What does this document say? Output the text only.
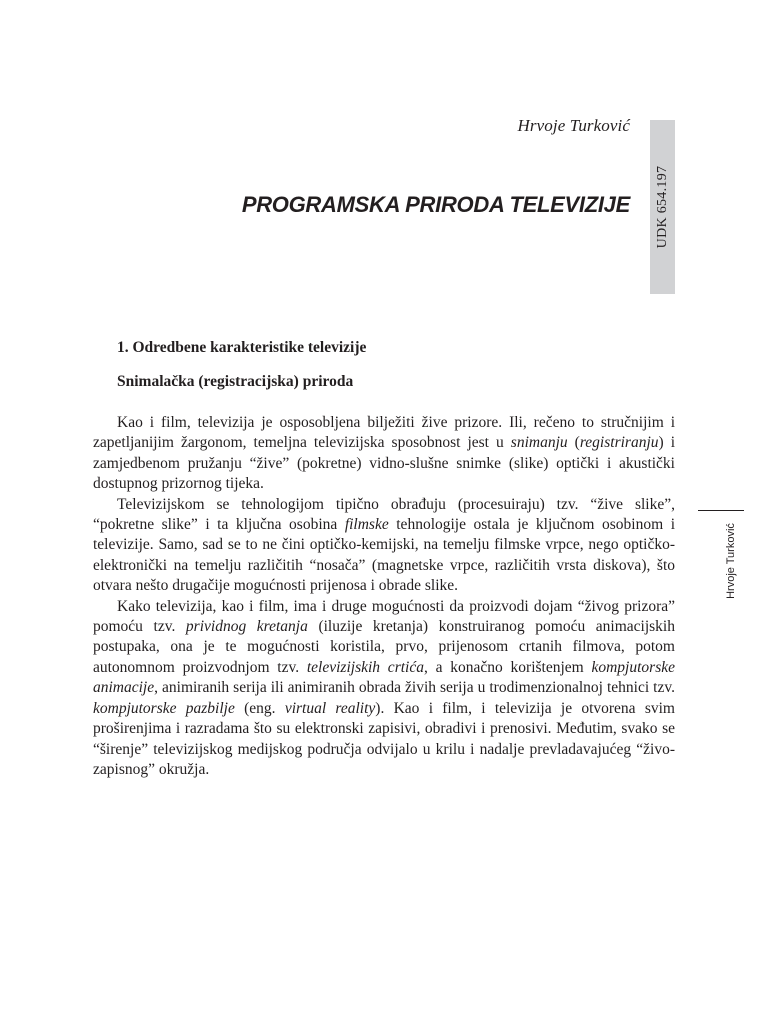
Hrvoje Turković
PROGRAMSKA PRIRODA TELEVIZIJE UDK 654.197
Hrvoje Turković
1. Odredbene karakteristike televizije
Snimalačka (registracijska) priroda

Kao i film, televizija je osposobljena bilježiti žive prizore. Ili, rečeno to stručnijim i zapetljanijim žargonom, temeljna televizijska sposobnost jest u snimanju (registriranju) i zamjedbenom pružanju “žive” (pokretne) vidno-slušne snimke (slike) optički i akustički dostupnog prizornog tijeka.

Televizijskom se tehnologijom tipično obrađuju (procesuiraju) tzv. “žive slike”, “pokretne slike” i ta ključna osobina filmske tehnologije ostala je ključnom osobinom i televizije. Samo, sad se to ne čini optičko-kemijski, na temelju filmske vrpce, nego optičko-elektronički na temelju različitih “nosača” (magnetske vrpce, različitih vrsta diskova), što otvara nešto drugačije mogućnosti prijenosa i obrade slike.

Kako televizija, kao i film, ima i druge mogućnosti da proizvodi dojam “živog prizora” pomoću tzv. prividnog kretanja (iluzije kretanja) konstruiranog pomoću animacijskih postupaka, ona je te mogućnosti koristila, prvo, prijenosom crtanih filmova, potom autonomnom proizvodnjom tzv. televizijskih crtića, a konačno korištenjem kompjutorske animacije, animiranih serija ili animiranih obrada živih serija u trodimenzionalnoj tehnici tzv. kompjutorske pazbilje (eng. virtual reality). Kao i film, i televizija je otvorena svim proširenjima i razradama što su elektronski zapisivi, obradivi i prenosivi. Međutim, svako se “širenje” televizijskog medijskog područja odvijalo u krilu i nadalje prevladavajućeg “živo-zapisnog” okružja.
